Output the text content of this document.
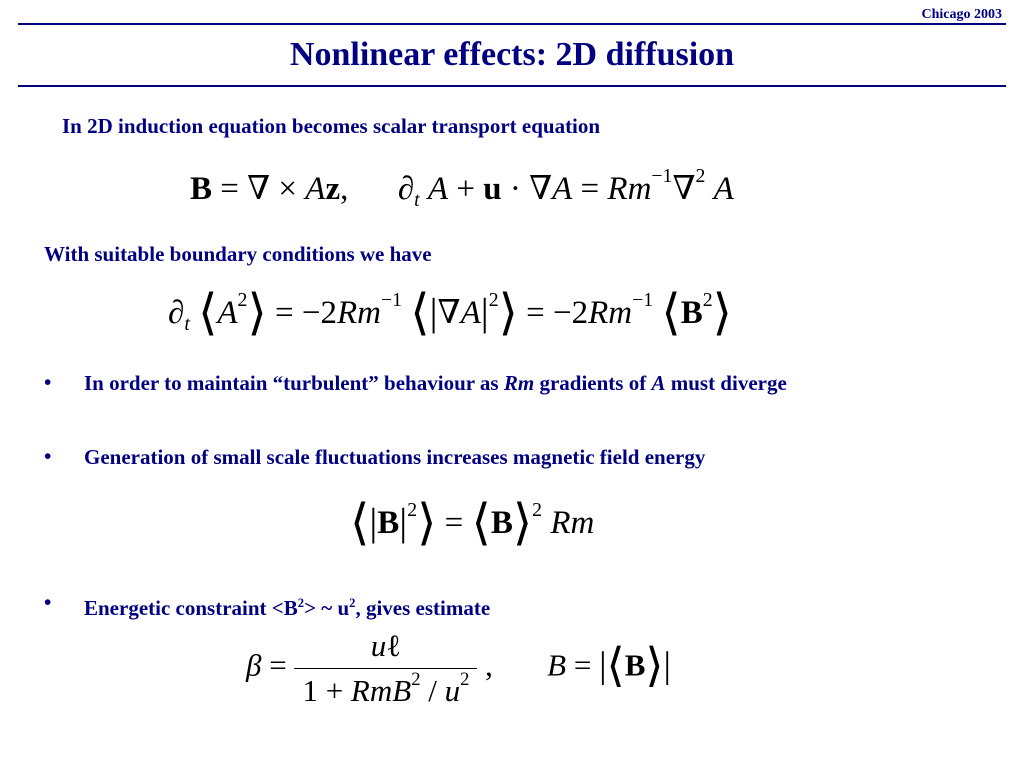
Chicago 2003
Nonlinear effects: 2D diffusion
In 2D induction equation becomes scalar transport equation
B = ∇ × Az,      $\partial_t$ $A + u \cdot \nabla A = Rm^{-1}\nabla^2$ A
With suitable boundary conditions we have
$\partial_t$ $⟨A^2⟩ = -2Rm^{-1}$ $⟨|\nabla A|^2⟩ = -2Rm^{-1}$ $⟨B^2⟩$
• In order to maintain “turbulent” behaviour as Rm gradients of A must diverge
• Generation of small scale fluctuations increases magnetic field energy
$⟨|B|^2⟩$ = ⟨B⟩$^2$ Rm
• Energetic constraint $<B^2>$ ~ $u^2$, gives estimate
$\beta = \frac{\text{uℓ}}{1 + RmB^2 / u^2}$ ,       B = |⟨B⟩|
